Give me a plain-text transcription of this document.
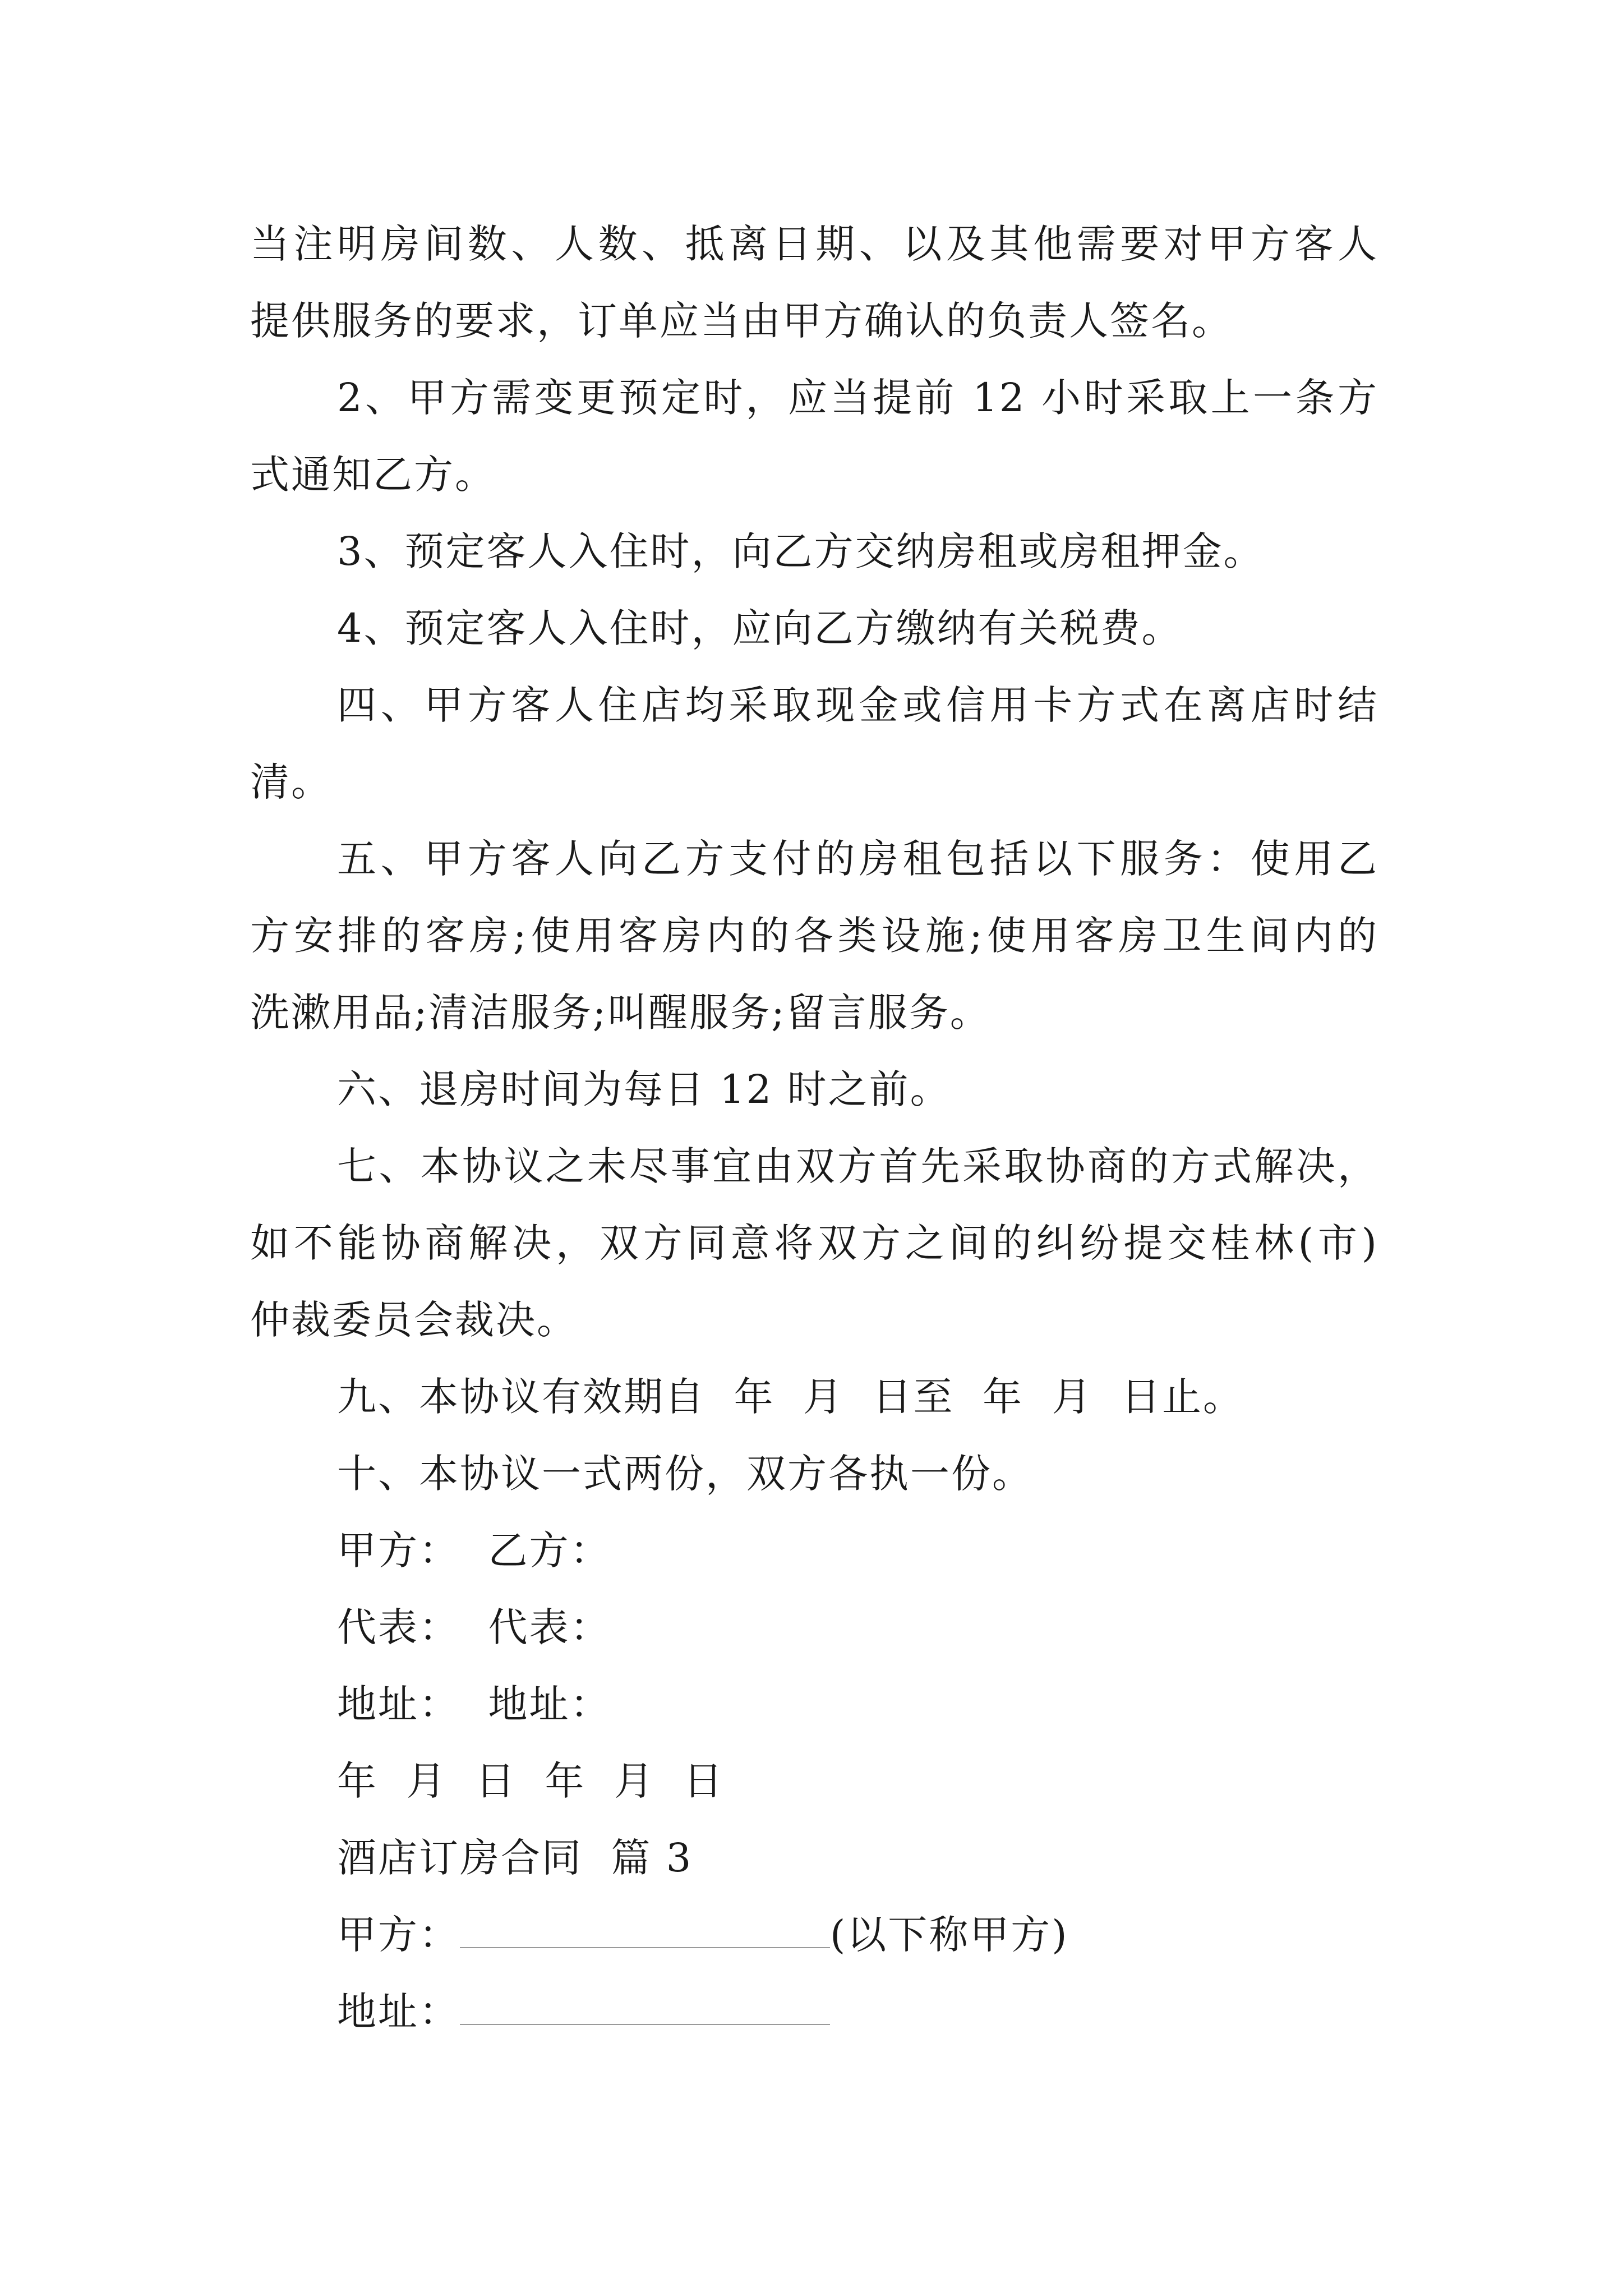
当注明房间数、人数、抵离日期、以及其他需要对甲方客人
提供服务的要求，订单应当由甲方确认的负责人签名。
2、甲方需变更预定时，应当提前 12 小时采取上一条方
式通知乙方。
3、预定客人入住时，向乙方交纳房租或房租押金。
4、预定客人入住时，应向乙方缴纳有关税费。
四、甲方客人住店均采取现金或信用卡方式在离店时结
清。
五、甲方客人向乙方支付的房租包括以下服务：使用乙
方安排的客房;使用客房内的各类设施;使用客房卫生间内的
洗漱用品;清洁服务;叫醒服务;留言服务。
六、退房时间为每日 12 时之前。
七、本协议之未尽事宜由双方首先采取协商的方式解决，
如不能协商解决，双方同意将双方之间的纠纷提交桂林(市)
仲裁委员会裁决。
九、本协议有效期自  年  月  日至  年  月  日止。
十、本协议一式两份，双方各执一份。
甲方：  乙方：
代表：  代表：
地址：  地址：
年  月  日  年  月  日
酒店订房合同  篇 3
甲方：	(以下称甲方)
地址：
